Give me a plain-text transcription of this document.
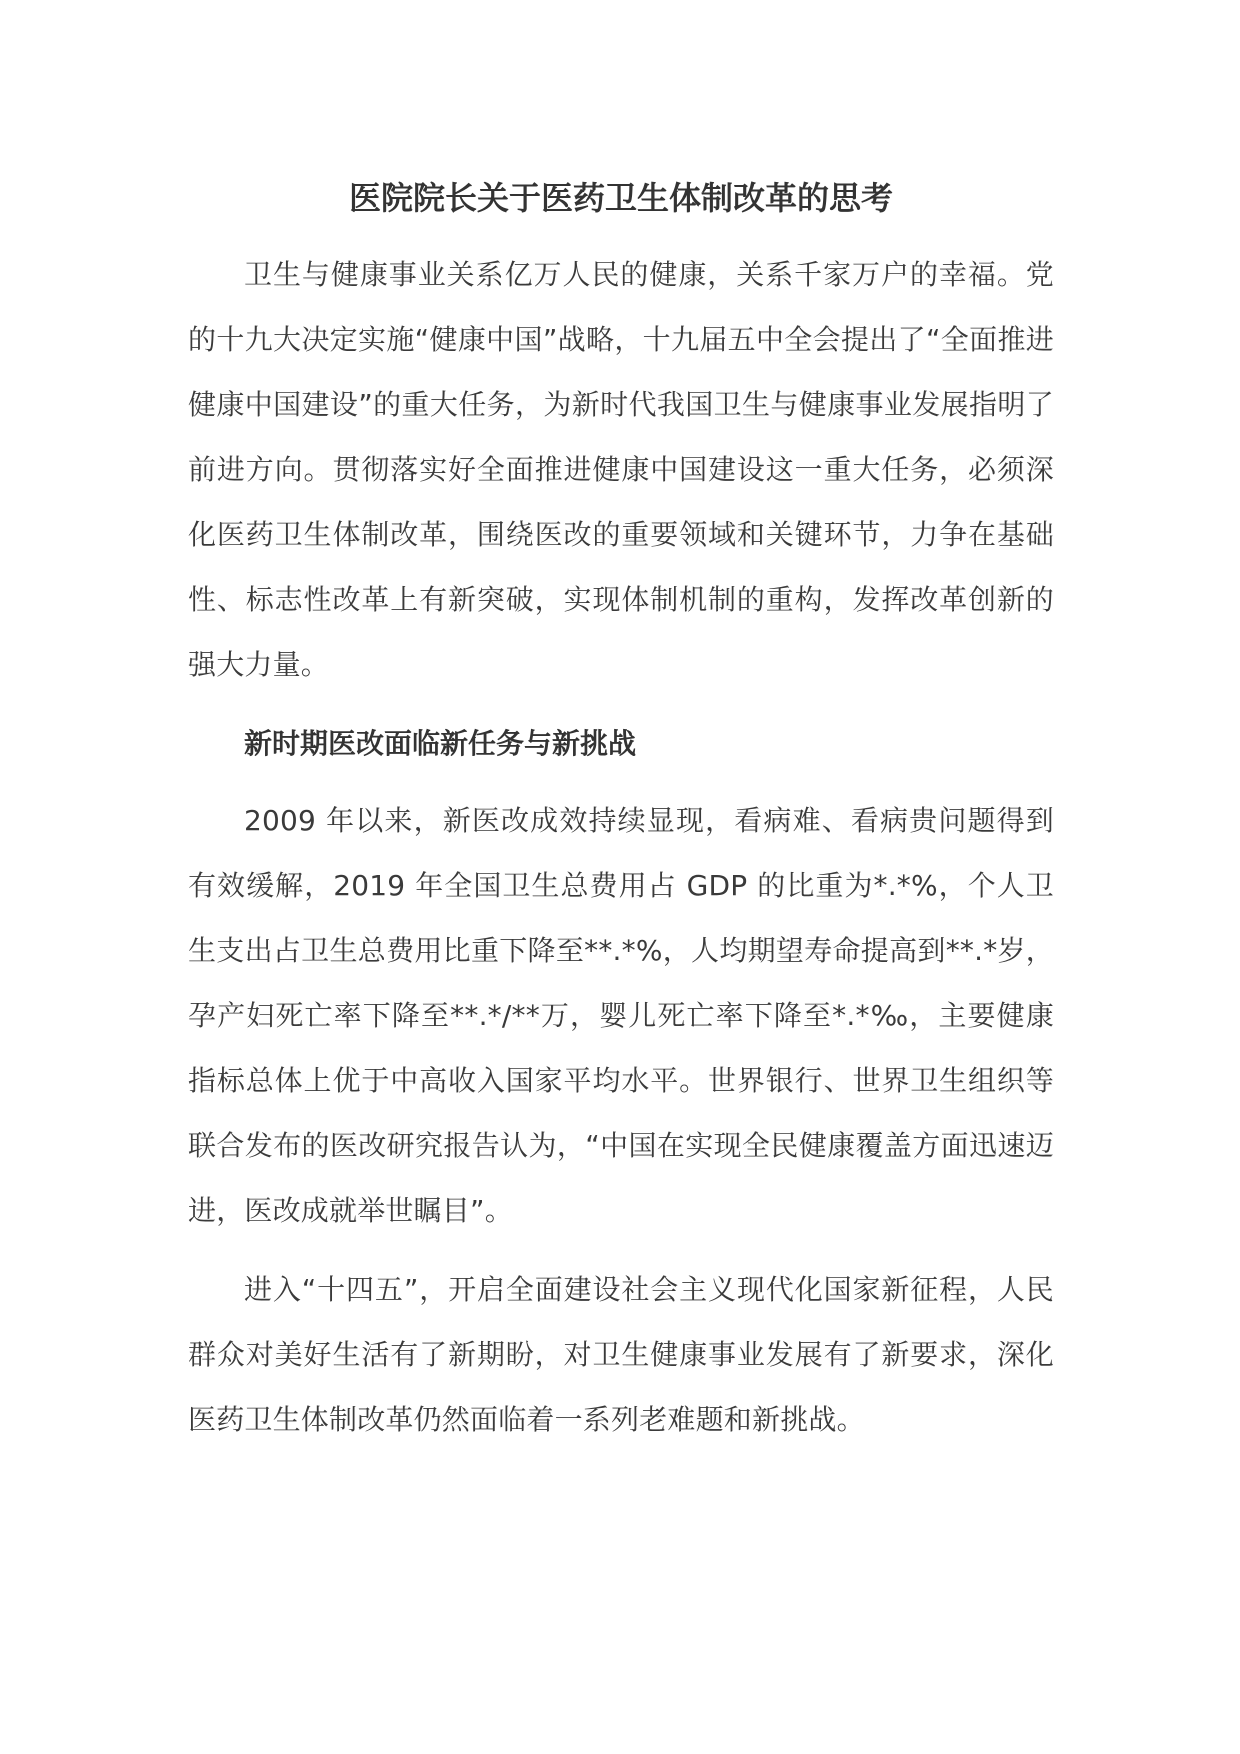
医院院长关于医药卫生体制改革的思考

卫生与健康事业关系亿万人民的健康，关系千家万户的幸福。党的十九大决定实施“健康中国”战略，十九届五中全会提出了“全面推进健康中国建设”的重大任务，为新时代我国卫生与健康事业发展指明了前进方向。贯彻落实好全面推进健康中国建设这一重大任务，必须深化医药卫生体制改革，围绕医改的重要领域和关键环节，力争在基础性、标志性改革上有新突破，实现体制机制的重构，发挥改革创新的强大力量。

新时期医改面临新任务与新挑战

2009 年以来，新医改成效持续显现，看病难、看病贵问题得到有效缓解，2019 年全国卫生总费用占 GDP 的比重为*.*%，个人卫生支出占卫生总费用比重下降至**.*%，人均期望寿命提高到**.*岁，孕产妇死亡率下降至**.*/**万，婴儿死亡率下降至*.*‰，主要健康指标总体上优于中高收入国家平均水平。世界银行、世界卫生组织等联合发布的医改研究报告认为，“中国在实现全民健康覆盖方面迅速迈进，医改成就举世瞩目”。

进入“十四五”，开启全面建设社会主义现代化国家新征程，人民群众对美好生活有了新期盼，对卫生健康事业发展有了新要求，深化医药卫生体制改革仍然面临着一系列老难题和新挑战。
